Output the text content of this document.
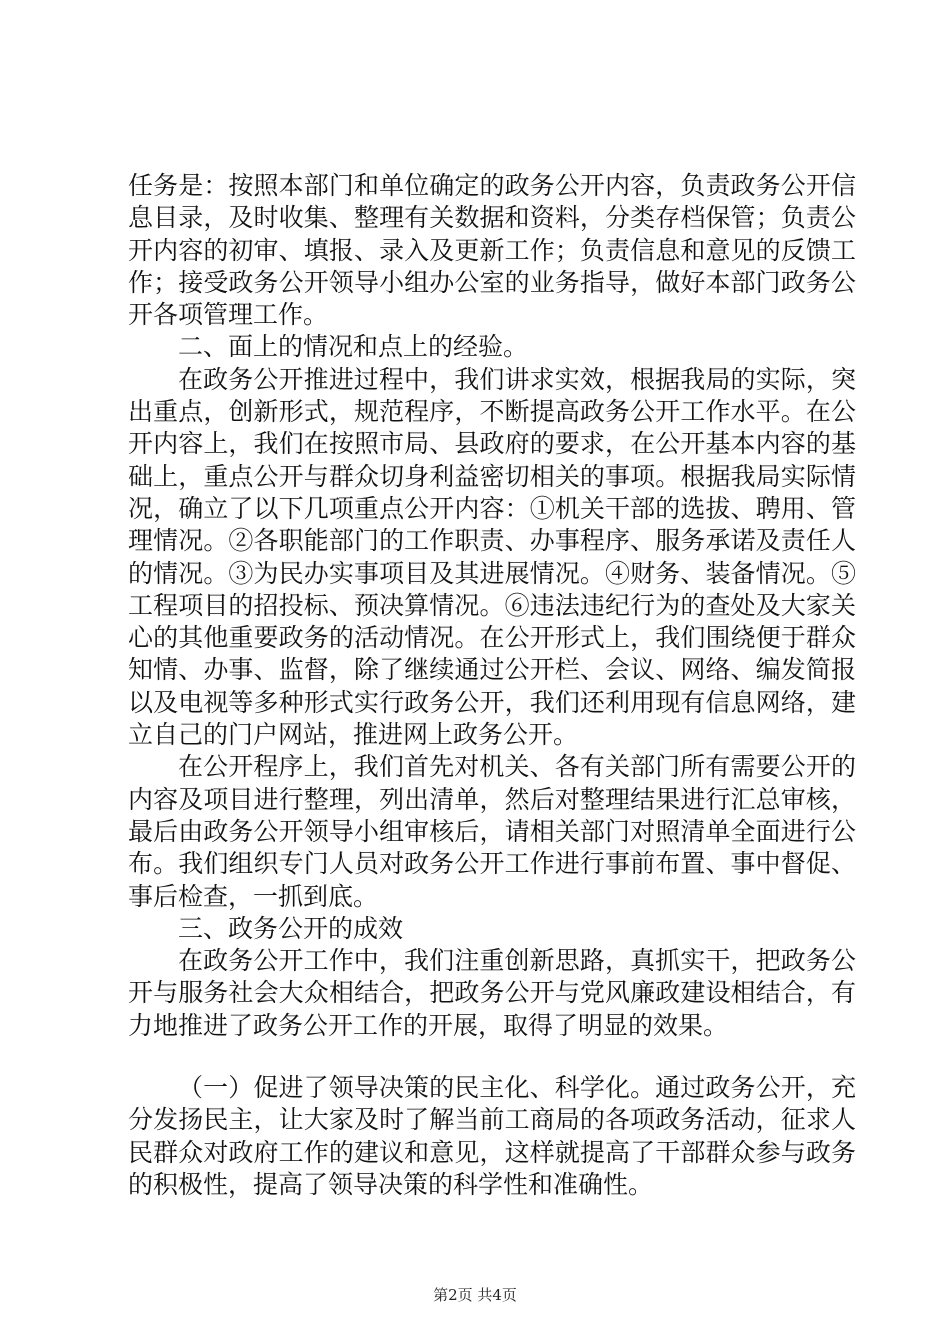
任务是：按照本部门和单位确定的政务公开内容，负责政务公开信息目录，及时收集、整理有关数据和资料，分类存档保管；负责公开内容的初审、填报、录入及更新工作；负责信息和意见的反馈工作；接受政务公开领导小组办公室的业务指导，做好本部门政务公开各项管理工作。

二、面上的情况和点上的经验。

在政务公开推进过程中，我们讲求实效，根据我局的实际，突出重点，创新形式，规范程序，不断提高政务公开工作水平。在公开内容上，我们在按照市局、县政府的要求，在公开基本内容的基础上，重点公开与群众切身利益密切相关的事项。根据我局实际情况，确立了以下几项重点公开内容：①机关干部的选拔、聘用、管理情况。②各职能部门的工作职责、办事程序、服务承诺及责任人的情况。③为民办实事项目及其进展情况。④财务、装备情况。⑤工程项目的招投标、预决算情况。⑥违法违纪行为的查处及大家关心的其他重要政务的活动情况。在公开形式上，我们围绕便于群众知情、办事、监督，除了继续通过公开栏、会议、网络、编发简报以及电视等多种形式实行政务公开，我们还利用现有信息网络，建立自己的门户网站，推进网上政务公开。

在公开程序上，我们首先对机关、各有关部门所有需要公开的内容及项目进行整理，列出清单，然后对整理结果进行汇总审核，最后由政务公开领导小组审核后，请相关部门对照清单全面进行公布。我们组织专门人员对政务公开工作进行事前布置、事中督促、事后检查，一抓到底。

三、政务公开的成效

在政务公开工作中，我们注重创新思路，真抓实干，把政务公开与服务社会大众相结合，把政务公开与党风廉政建设相结合，有力地推进了政务公开工作的开展，取得了明显的效果。

（一）促进了领导决策的民主化、科学化。通过政务公开，充分发扬民主，让大家及时了解当前工商局的各项政务活动，征求人民群众对政府工作的建议和意见，这样就提高了干部群众参与政务的积极性，提高了领导决策的科学性和准确性。

第2页 共4页
